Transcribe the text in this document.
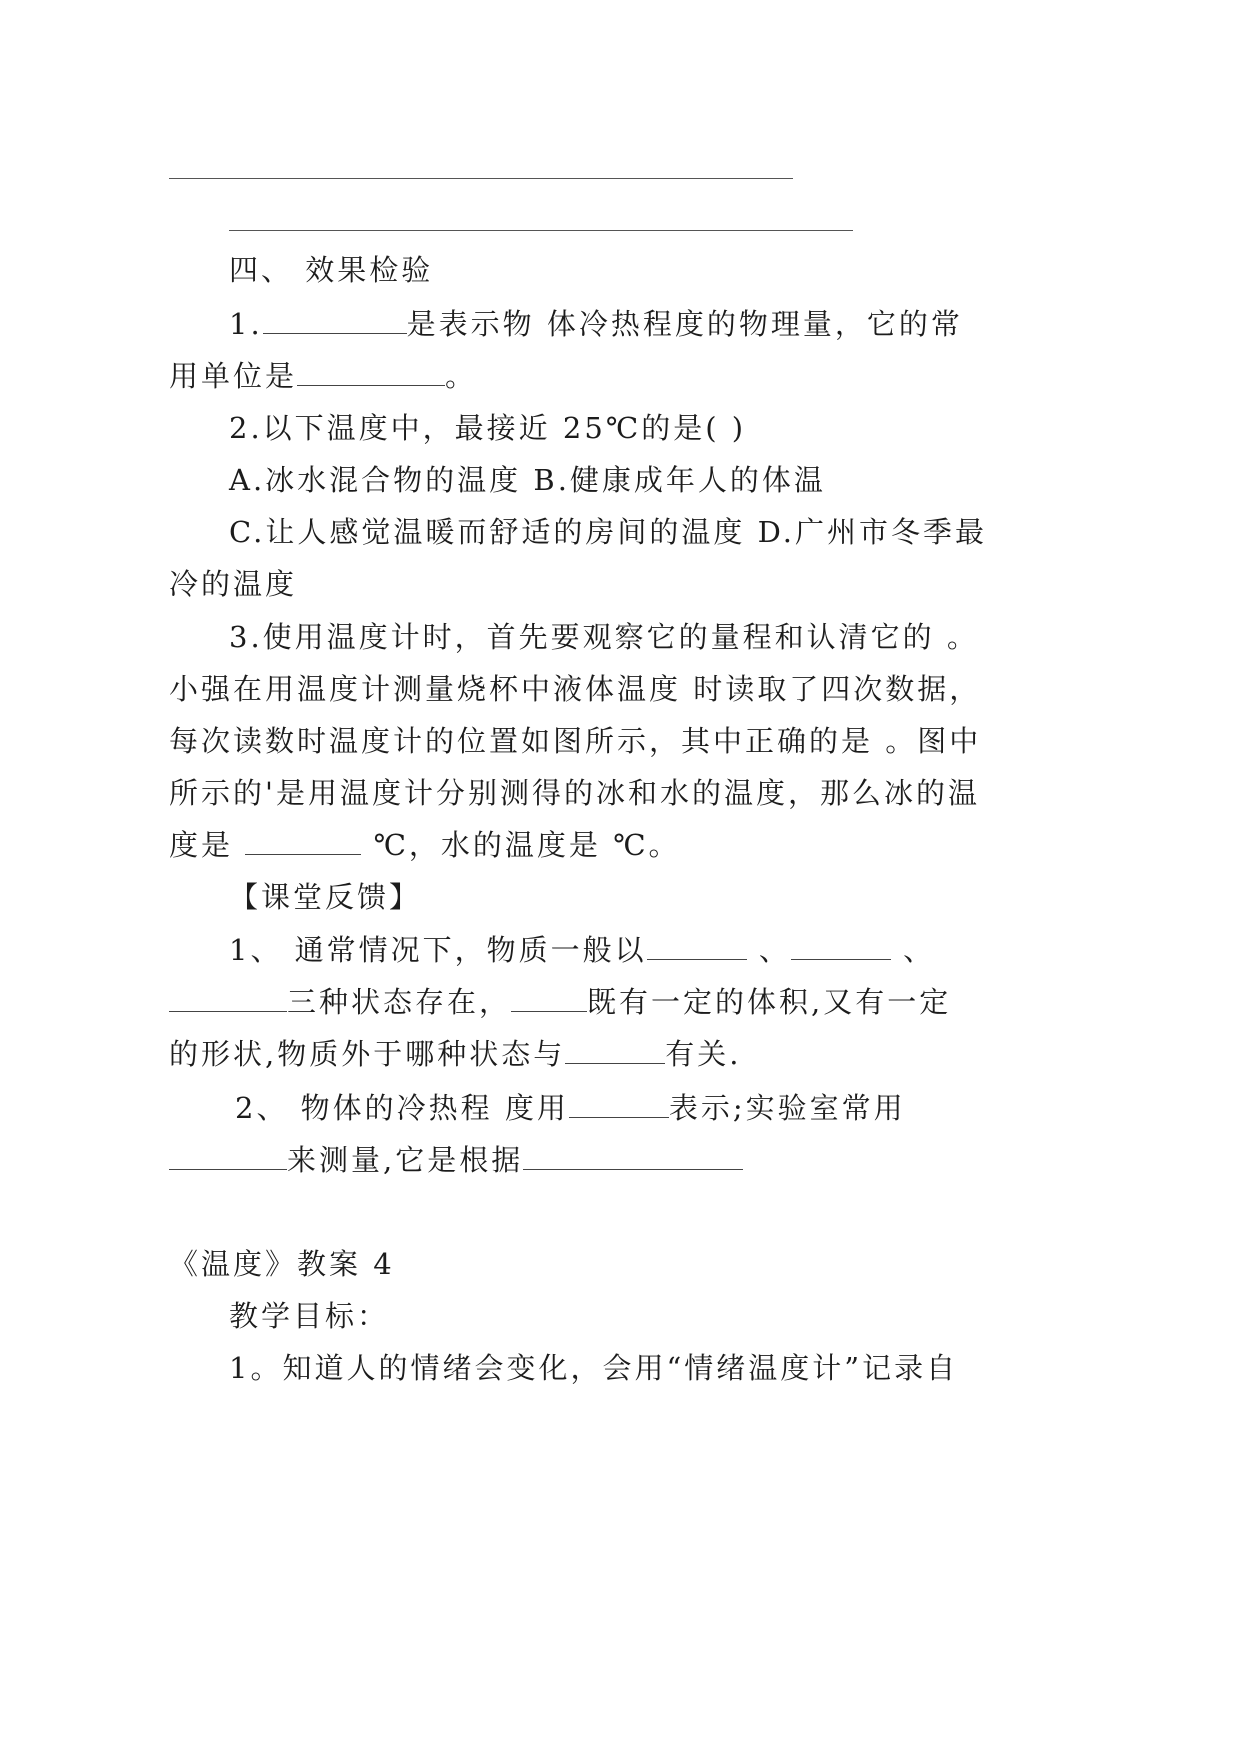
四、 效果检验
1.	是表示物 体冷热程度的物理量，它的常
用单位是	。
2.以下温度中，最接近 25℃的是( )
A.冰水混合物的温度 B.健康成年人的体温
C.让人感觉温暖而舒适的房间的温度 D.广州市冬季最
冷的温度
3.使用温度计时，首先要观察它的量程和认清它的 。
小强在用温度计测量烧杯中液体温度 时读取了四次数据，
每次读数时温度计的位置如图所示，其中正确的是 。图中
所示的'是用温度计分别测得的冰和水的温度，那么冰的温
度是	℃，水的温度是 ℃。
【课堂反馈】
1、 通常情况下，物质一般以	、	、
三种状态存在，	既有一定的体积,又有一定
的形状,物质外于哪种状态与	有关.
2、 物体的冷热程 度用	表示;实验室常用
来测量,它是根据
《温度》教案 4
教学目标：
1。知道人的情绪会变化，会用“情绪温度计”记录自
